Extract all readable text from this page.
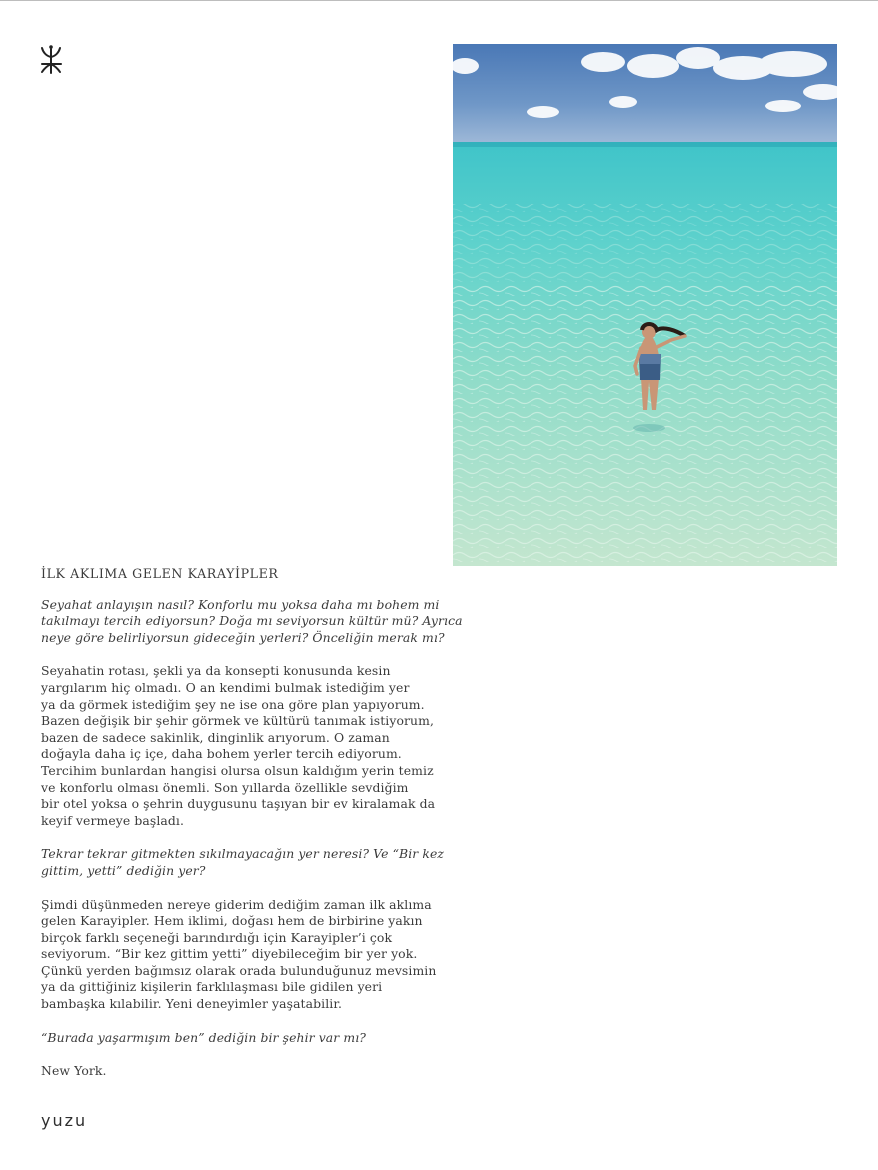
İLK AKLIMA GELEN KARAYİPLER
Seyahat anlayışın nasıl? Konforlu mu yoksa daha mı bohem mi
takılmayı tercih ediyorsun? Doğa mı seviyorsun kültür mü? Ayrıca
neye göre belirliyorsun gideceğin yerleri? Önceliğin merak mı?
Seyahatin rotası, şekli ya da konsepti konusunda kesin
yargılarım hiç olmadı. O an kendimi bulmak istediğim yer
ya da görmek istediğim şey ne ise ona göre plan yapıyorum.
Bazen değişik bir şehir görmek ve kültürü tanımak istiyorum,
bazen de sadece sakinlik, dinginlik arıyorum. O zaman
doğayla daha iç içe, daha bohem yerler tercih ediyorum.
Tercihim bunlardan hangisi olursa olsun kaldığım yerin temiz
ve konforlu olması önemli. Son yıllarda özellikle sevdiğim
bir otel yoksa o şehrin duygusunu taşıyan bir ev kiralamak da
keyif vermeye başladı.
Tekrar tekrar gitmekten sıkılmayacağın yer neresi? Ve “Bir kez
gittim, yetti” dediğin yer?
Şimdi düşünmeden nereye giderim dediğim zaman ilk aklıma
gelen Karayipler. Hem iklimi, doğası hem de birbirine yakın
birçok farklı seçeneği barındırdığı için Karayipler’i çok
seviyorum. “Bir kez gittim yetti” diyebileceğim bir yer yok.
Çünkü yerden bağımsız olarak orada bulunduğunuz mevsimin
ya da gittiğiniz kişilerin farklılaşması bile gidilen yeri
bambaşka kılabilir. Yeni deneyimler yaşatabilir.
“Burada yaşarmışım ben” dediğin bir şehir var mı?
New York.
yuzu
